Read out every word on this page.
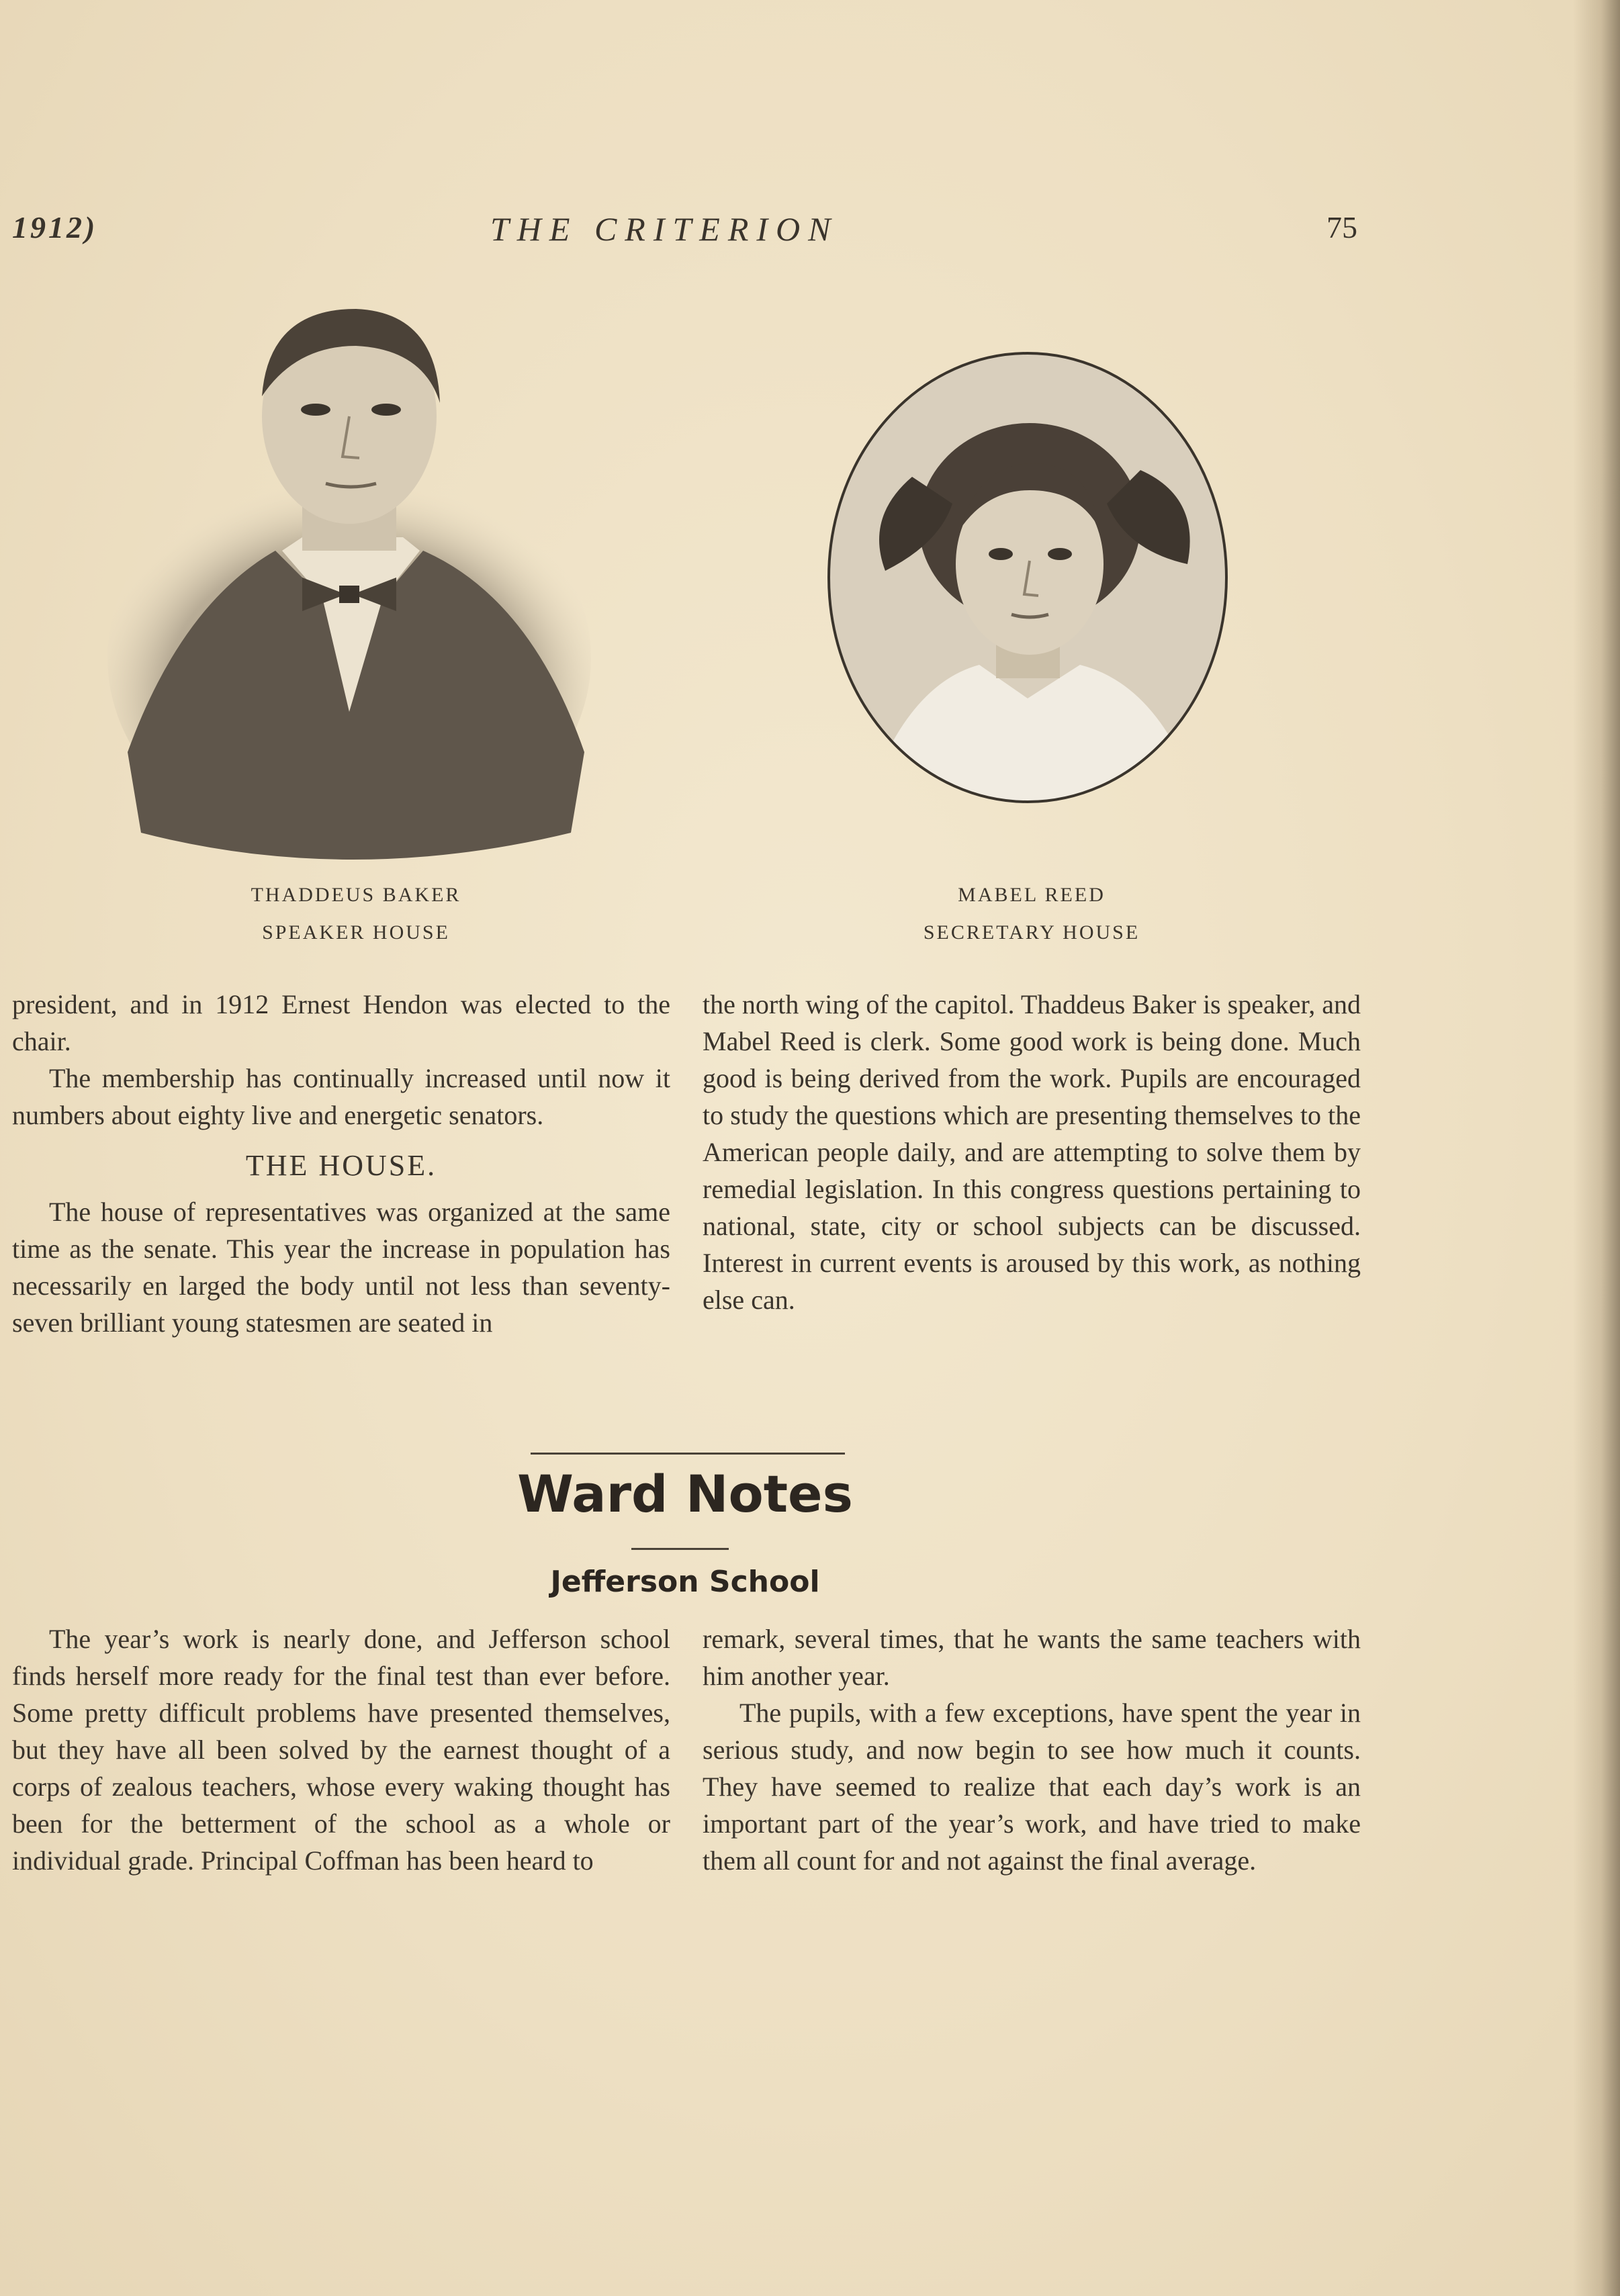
1912)	THE CRITERION	75
THADDEUS BAKER
SPEAKER HOUSE
MABEL REED
SECRETARY HOUSE

president, and in 1912 Ernest Hendon was elected to the chair.

The membership has continually increased until now it numbers about eighty live and energetic senators.

THE HOUSE.

The house of representatives was organized at the same time as the senate. This year the increase in population has necessarily en larged the body until not less than seventy-seven brilliant young statesmen are seated in

the north wing of the capitol. Thaddeus Baker is speaker, and Mabel Reed is clerk. Some good work is being done. Much good is being derived from the work. Pupils are encouraged to study the questions which are presenting themselves to the American people daily, and are attempting to solve them by remedial legislation. In this congress questions pertaining to national, state, city or school subjects can be discussed. Interest in current events is aroused by this work, as nothing else can.

Ward Notes
Jefferson School

The year’s work is nearly done, and Jefferson school finds herself more ready for the final test than ever before. Some pretty difficult problems have presented themselves, but they have all been solved by the earnest thought of a corps of zealous teachers, whose every waking thought has been for the betterment of the school as a whole or individual grade. Principal Coffman has been heard to

remark, several times, that he wants the same teachers with him another year.

The pupils, with a few exceptions, have spent the year in serious study, and now begin to see how much it counts. They have seemed to realize that each day’s work is an important part of the year’s work, and have tried to make them all count for and not against the final average.
